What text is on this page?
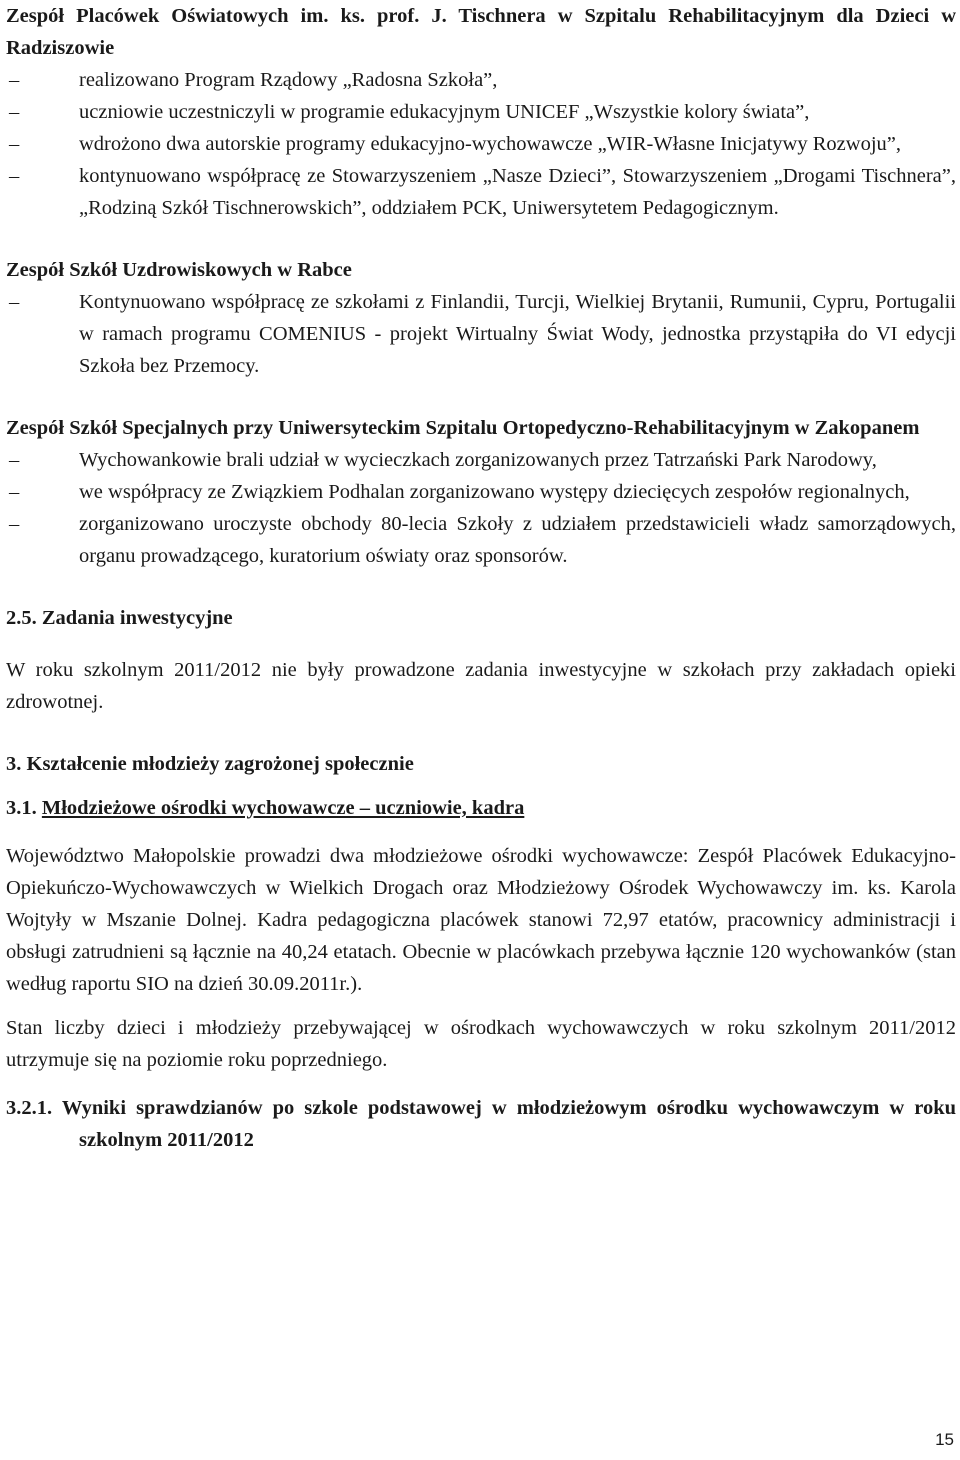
Zespół Placówek Oświatowych im. ks. prof. J. Tischnera w Szpitalu Rehabilitacyjnym dla Dzieci w Radziszowie
– realizowano Program Rządowy „Radosna Szkoła”,
– uczniowie uczestniczyli w programie edukacyjnym UNICEF „Wszystkie kolory świata”,
– wdrożono dwa autorskie programy edukacyjno-wychowawcze „WIR-Własne Inicjatywy Rozwoju”,
– kontynuowano współpracę ze Stowarzyszeniem „Nasze Dzieci”, Stowarzyszeniem „Drogami Tischnera”, „Rodziną Szkół Tischnerowskich”, oddziałem PCK, Uniwersytetem Pedagogicznym.
Zespół Szkół Uzdrowiskowych w Rabce
– Kontynuowano współpracę ze szkołami z Finlandii, Turcji, Wielkiej Brytanii, Rumunii, Cypru, Portugalii w ramach programu COMENIUS - projekt Wirtualny Świat Wody, jednostka przystąpiła do VI edycji Szkoła bez Przemocy.
Zespół Szkół Specjalnych przy Uniwersyteckim Szpitalu Ortopedyczno-Rehabilitacyjnym w Zakopanem
– Wychowankowie brali udział w wycieczkach zorganizowanych przez Tatrzański Park Narodowy,
– we współpracy ze Związkiem Podhalan zorganizowano występy dziecięcych zespołów regionalnych,
– zorganizowano uroczyste obchody 80-lecia Szkoły z udziałem przedstawicieli władz samorządowych, organu prowadzącego, kuratorium oświaty oraz sponsorów.
2.5. Zadania inwestycyjne
W roku szkolnym 2011/2012 nie były prowadzone zadania inwestycyjne w szkołach przy zakładach opieki zdrowotnej.
3. Kształcenie młodzieży zagrożonej społecznie
3.1. Młodzieżowe ośrodki wychowawcze – uczniowie, kadra
Województwo Małopolskie prowadzi dwa młodzieżowe ośrodki wychowawcze: Zespół Placówek Edukacyjno-Opiekuńczo-Wychowawczych w Wielkich Drogach oraz Młodzieżowy Ośrodek Wychowawczy im. ks. Karola Wojtyły w Mszanie Dolnej. Kadra pedagogiczna placówek stanowi 72,97 etatów, pracownicy administracji i obsługi zatrudnieni są łącznie na 40,24 etatach. Obecnie w placówkach przebywa łącznie 120 wychowanków (stan według raportu SIO na dzień 30.09.2011r.).
Stan liczby dzieci i młodzieży przebywającej w ośrodkach wychowawczych w roku szkolnym 2011/2012 utrzymuje się na poziomie roku poprzedniego.
3.2.1. Wyniki sprawdzianów po szkole podstawowej w młodzieżowym ośrodku wychowawczym w roku szkolnym 2011/2012
15
